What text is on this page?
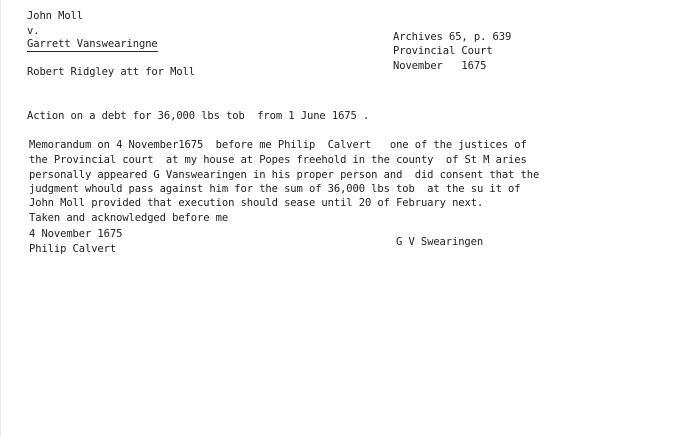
John Moll
v.
Garrett Vanswearingne
Robert Ridgley att for Moll
Archives 65, p. 639
Provincial Court
November   1675
Action on a debt for 36,000 lbs tob  from 1 June 1675 .
Memorandum on 4 November1675  before me Philip  Calvert   one of the justices of
the Provincial court  at my house at Popes freehold in the county  of St M aries
personally appeared G Vanswearingen in his proper person and  did consent that the
judgment whould pass against him for the sum of 36,000 lbs tob  at the su it of
John Moll provided that execution should sease until 20 of February next.
Taken and acknowledged before me
4 November 1675
Philip Calvert
G V Swearingen
